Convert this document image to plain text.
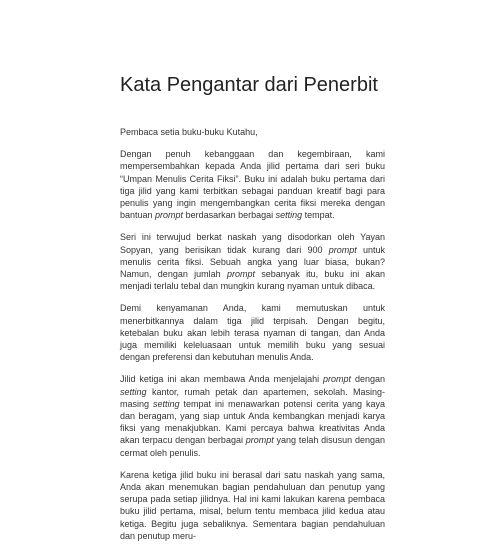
Kata Pengantar dari Penerbit

Pembaca setia buku-buku Kutahu,

Dengan penuh kebanggaan dan kegembiraan, kami mempersembahkan kepada Anda jilid pertama dari seri buku “Umpan Menulis Cerita Fiksi”. Buku ini adalah buku pertama dari tiga jilid yang kami terbitkan sebagai panduan kreatif bagi para penulis yang ingin mengembangkan cerita fiksi mereka dengan bantuan prompt berdasarkan berbagai setting tempat.

Seri ini terwujud berkat naskah yang disodorkan oleh Yayan Sopyan, yang berisikan tidak kurang dari 900 prompt untuk menulis cerita fiksi. Sebuah angka yang luar biasa, bukan? Namun, dengan jumlah prompt sebanyak itu, buku ini akan menjadi terlalu tebal dan mungkin kurang nyaman untuk dibaca.

Demi kenyamanan Anda, kami memutuskan untuk menerbitkannya dalam tiga jilid terpisah. Dengan begitu, ketebalan buku akan lebih terasa nyaman di tangan, dan Anda juga memiliki keleluasaan untuk memilih buku yang sesuai dengan preferensi dan kebutuhan menulis Anda.

Jilid ketiga ini akan membawa Anda menjelajahi prompt dengan setting kantor, rumah petak dan apartemen, sekolah. Masing-masing setting tempat ini menawarkan potensi cerita yang kaya dan beragam, yang siap untuk Anda kembangkan menjadi karya fiksi yang menakjubkan. Kami percaya bahwa kreativitas Anda akan terpacu dengan berbagai prompt yang telah disusun dengan cermat oleh penulis.

Karena ketiga jilid buku ini berasal dari satu naskah yang sama, Anda akan menemukan bagian pendahuluan dan penutup yang serupa pada setiap jilidnya. Hal ini kami lakukan karena pembaca buku jilid pertama, misal, belum tentu membaca jilid kedua atau ketiga. Begitu juga sebaliknya. Sementara bagian pendahuluan dan penutup meru-
